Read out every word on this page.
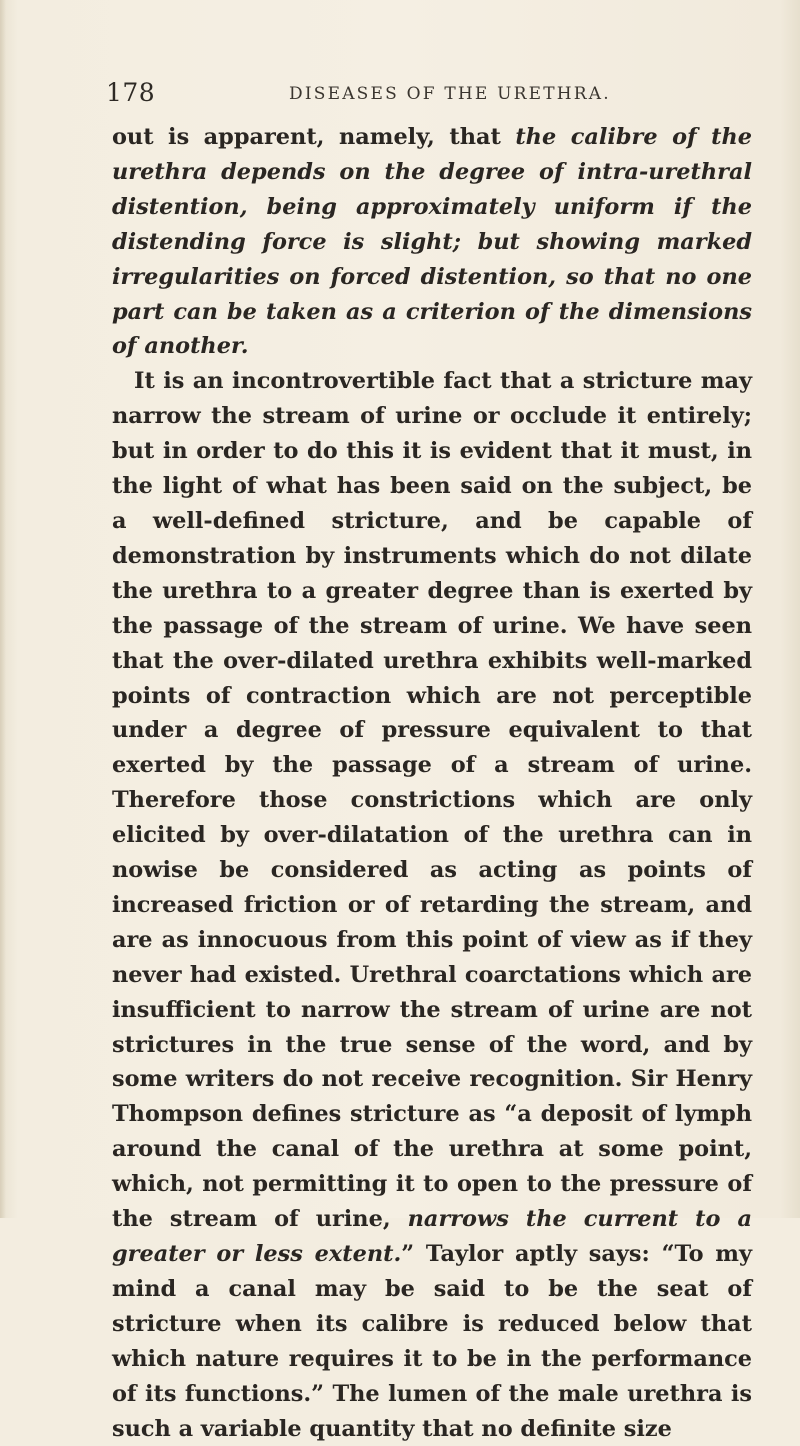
178	DISEASES OF THE URETHRA.

out is apparent, namely, that the calibre of the urethra depends on the degree of intra-urethral distention, being approximately uniform if the distending force is slight; but showing marked irregularities on forced distention, so that no one part can be taken as a criterion of the dimensions of another.

It is an incontrovertible fact that a stricture may narrow the stream of urine or occlude it entirely; but in order to do this it is evident that it must, in the light of what has been said on the subject, be a well-defined stricture, and be capable of demonstration by instruments which do not dilate the urethra to a greater degree than is exerted by the passage of the stream of urine. We have seen that the over-dilated urethra exhibits well-marked points of contraction which are not perceptible under a degree of pressure equivalent to that exerted by the passage of a stream of urine. Therefore those constrictions which are only elicited by over-dilatation of the urethra can in nowise be considered as acting as points of increased friction or of retarding the stream, and are as innocuous from this point of view as if they never had existed. Urethral coarctations which are insufficient to narrow the stream of urine are not strictures in the true sense of the word, and by some writers do not receive recognition. Sir Henry Thompson defines stricture as “a deposit of lymph around the canal of the urethra at some point, which, not permitting it to open to the pressure of the stream of urine, narrows the current to a greater or less extent.” Taylor aptly says: “To my mind a canal may be said to be the seat of stricture when its calibre is reduced below that which nature requires it to be in the performance of its functions.” The lumen of the male urethra is such a variable quantity that no definite size
